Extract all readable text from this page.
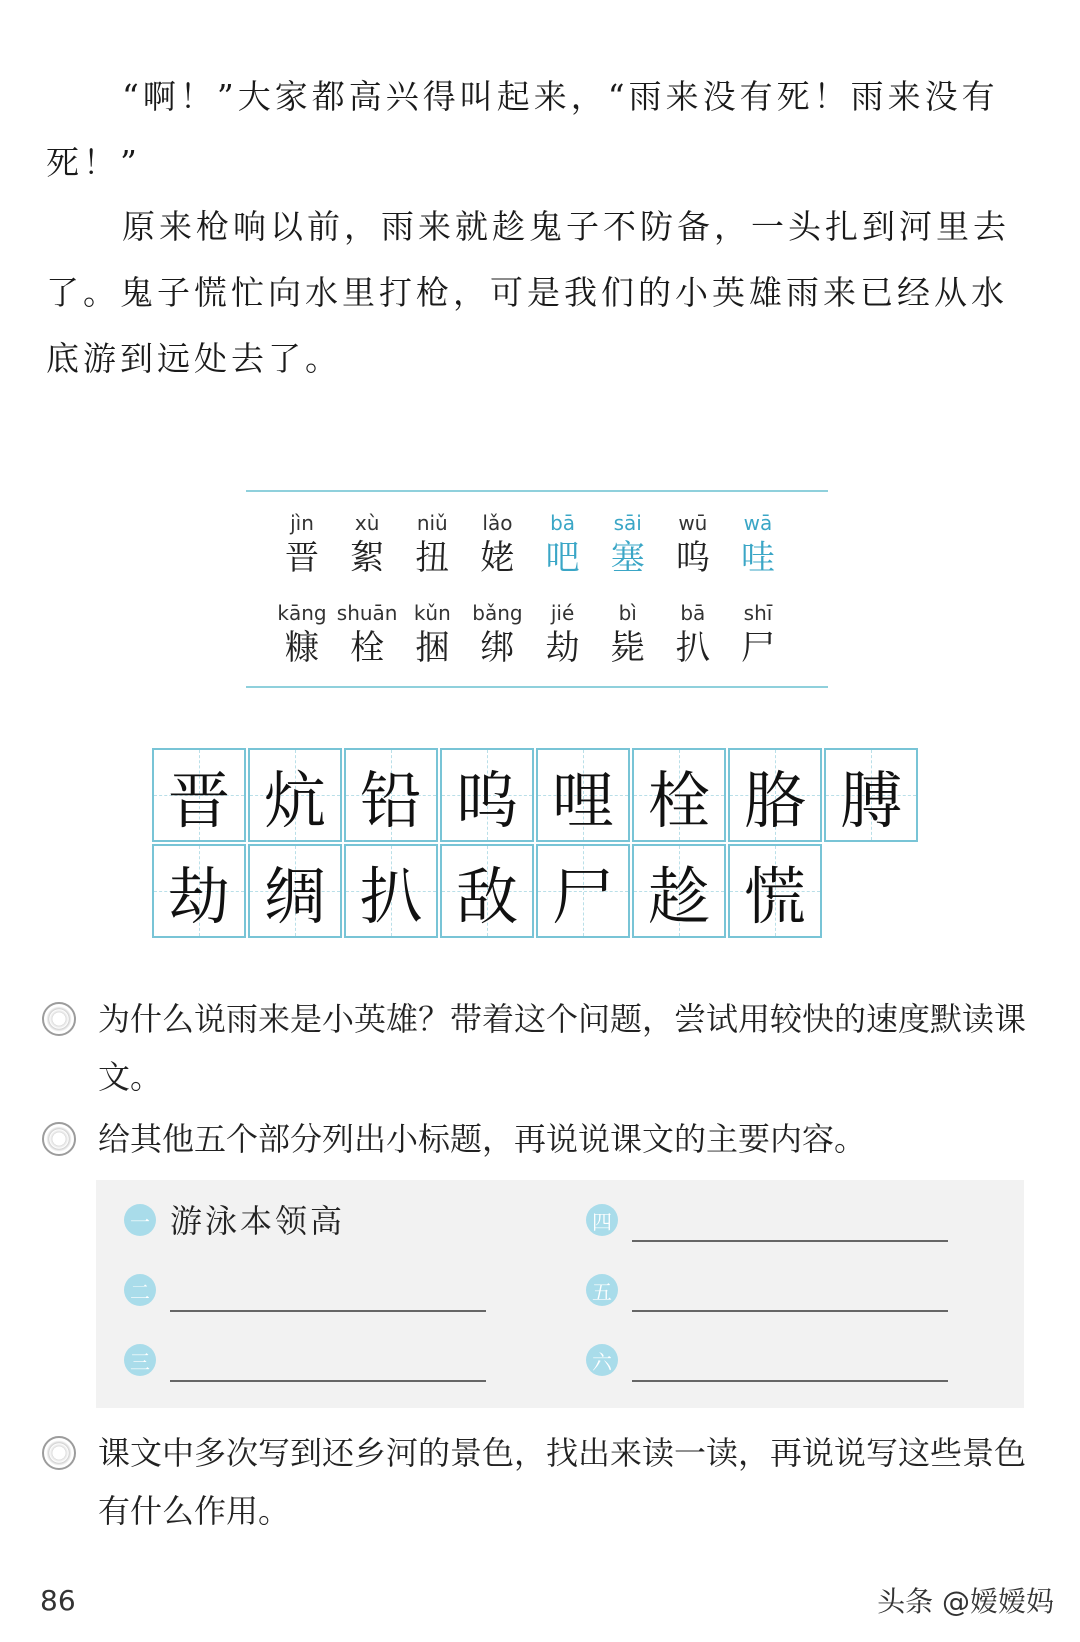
“啊！”大家都高兴得叫起来，“雨来没有死！雨来没有死！”
原来枪响以前，雨来就趁鬼子不防备，一头扎到河里去了。鬼子慌忙向水里打枪，可是我们的小英雄雨来已经从水底游到远处去了。
jìn
晋
xù
絮
niǔ
扭
lǎo
姥
bā
吧
sāi
塞
wū
呜
wā
哇
kāng
糠
shuān
栓
kǔn
捆
bǎng
绑
jié
劫
bì
毙
bā
扒
shī
尸
晋 炕 铅 呜 哩 栓 胳 膊
劫 绸 扒 敌 尸 趁 慌
为什么说雨来是小英雄？带着这个问题，尝试用较快的速度默读课文。
给其他五个部分列出小标题，再说说课文的主要内容。
一 游泳本领高
二
三
四
五
六
课文中多次写到还乡河的景色，找出来读一读，再说说写这些景色有什么作用。
86	头条 @嫒嫒妈
